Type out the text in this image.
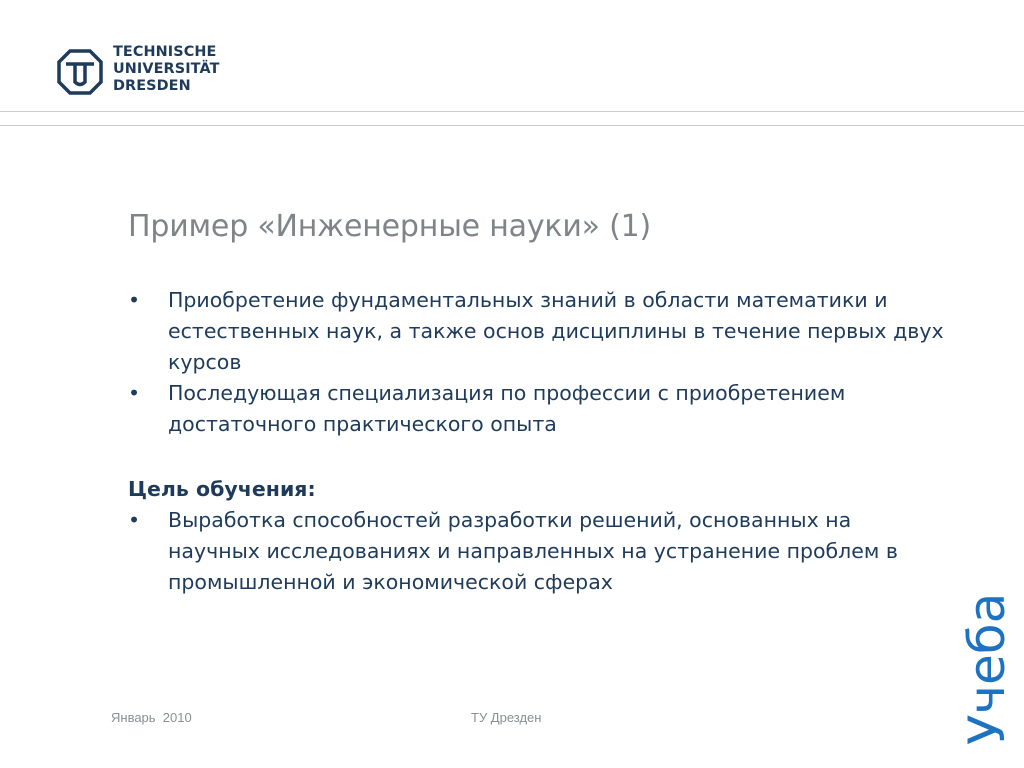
TECHNISCHE
UNIVERSITÄT
DRESDEN
Пример «Инженерные науки» (1)
• Приобретение фундаментальных знаний в области математики и естественных наук, а также основ дисциплины в течение первых двух курсов
• Последующая специализация по профессии с приобретением достаточного практического опыта
Цель обучения:
• Выработка способностей разработки решений, основанных на научных исследованиях и направленных на устранение проблем в промышленной и экономической сферах
Учеба
Январь  2010	ТУ Дрезден
